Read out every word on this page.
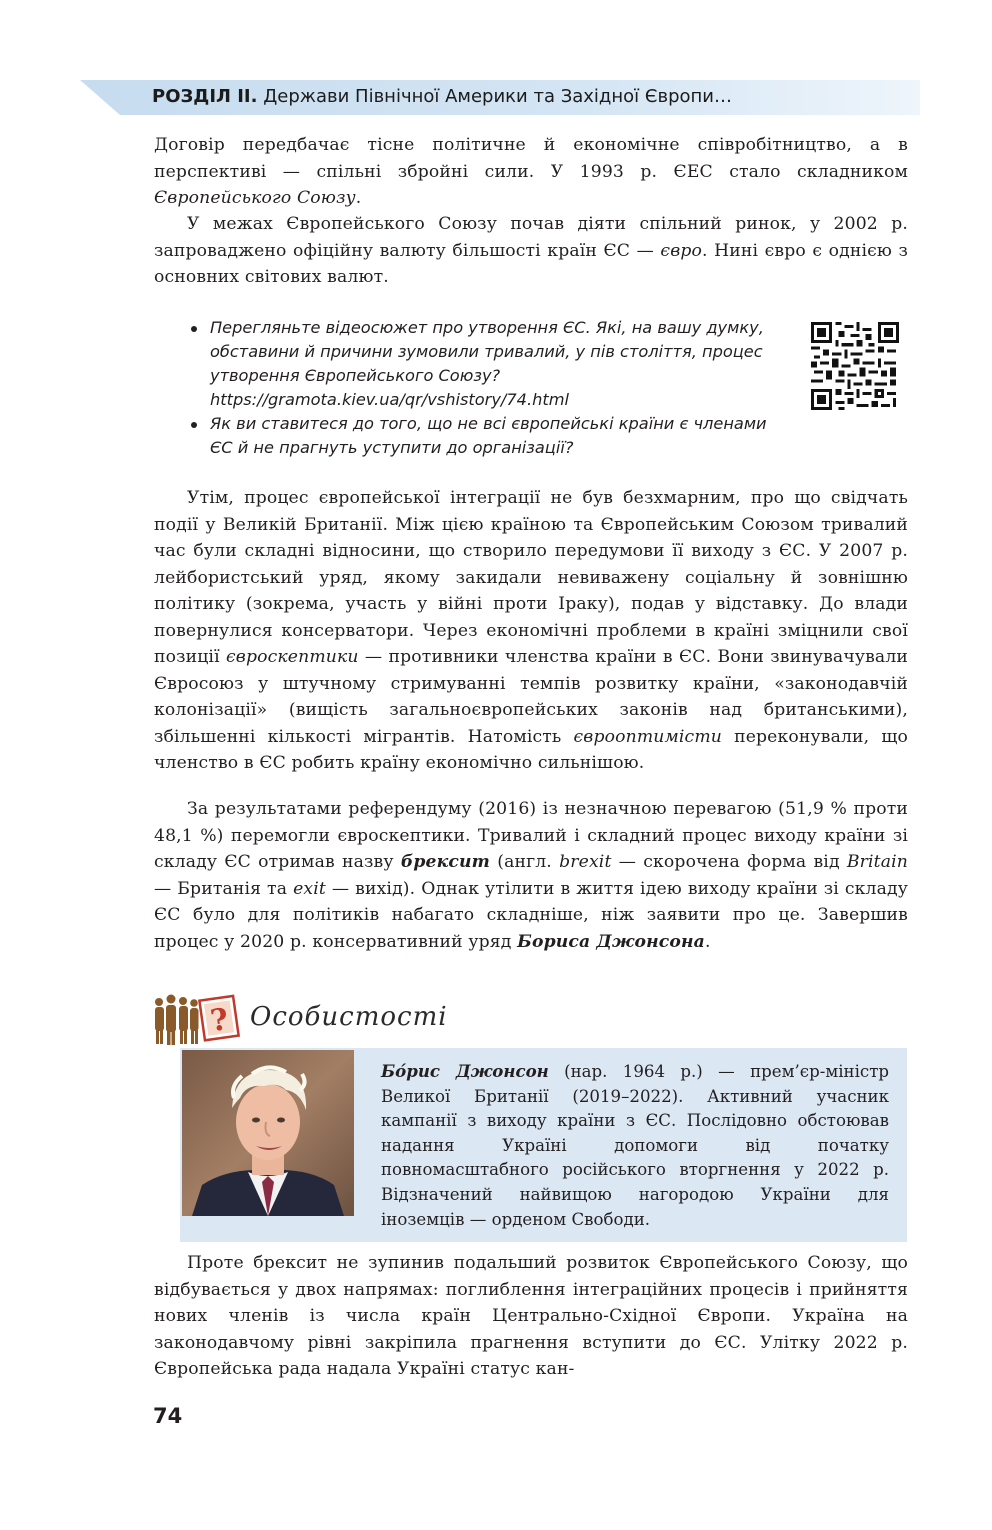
РОЗДІЛ II. Держави Північної Америки та Західної Європи…

Договір передбачає тісне політичне й економічне співробітництво, а в перспективі — спільні збройні сили. У 1993 р. ЄЕС стало складником Європейського Союзу.

У межах Європейського Союзу почав діяти спільний ринок, у 2002 р. запроваджено офіційну валюту більшості країн ЄС — євро. Нині євро є однією з основних світових валют.

Перегляньте відеосюжет про утворення ЄС. Які, на вашу думку, обставини й причини зумовили тривалий, у пів століття, процес утворення Європейського Союзу? https://gramota.kiev.ua/qr/vshistory/74.html

Як ви ставитеся до того, що не всі європейські країни є членами ЄС й не прагнуть уступити до організації?

Утім, процес європейської інтеграції не був безхмарним, про що свідчать події у Великій Британії. Між цією країною та Європейським Союзом тривалий час були складні відносини, що створило передумови її виходу з ЄС. У 2007 р. лейбористський уряд, якому закидали невиважену соціальну й зовнішню політику (зокрема, участь у війні проти Іраку), подав у відставку. До влади повернулися консерватори. Через економічні проблеми в країні зміцнили свої позиції євроскептики — противники членства країни в ЄС. Вони звинувачували Євросоюз у штучному стримуванні темпів розвитку країни, «законодавчій колонізації» (вищість загальноєвропейських законів над британськими), збільшенні кількості мігрантів. Натомість єврооптимісти переконували, що членство в ЄС робить країну економічно сильнішою.

За результатами референдуму (2016) із незначною перевагою (51,9 % проти 48,1 %) перемогли євроскептики. Тривалий і складний процес виходу країни зі складу ЄС отримав назву брексит (англ. brexit — скорочена форма від Britain — Британія та exit — вихід). Однак утілити в життя ідею виходу країни зі складу ЄС було для політиків набагато складніше, ніж заявити про це. Завершив процес у 2020 р. консервативний уряд Бориса Джонсона.

? Особистості

Бо́рис Джонсон (нар. 1964 р.) — прем’єр-міністр Великої Британії (2019–2022). Активний учасник кампанії з виходу країни з ЄС. Послідовно обстоював надання Україні допомоги від початку повномасштабного російського вторгнення у 2022 р. Відзначений найвищою нагородою України для іноземців — орденом Свободи.

Проте брексит не зупинив подальший розвиток Європейського Союзу, що відбувається у двох напрямах: поглиблення інтеграційних процесів і прийняття нових членів із числа країн Центрально-Східної Європи. Україна на законодавчому рівні закріпила прагнення вступити до ЄС. Улітку 2022 р. Європейська рада надала Україні статус кан-

74
